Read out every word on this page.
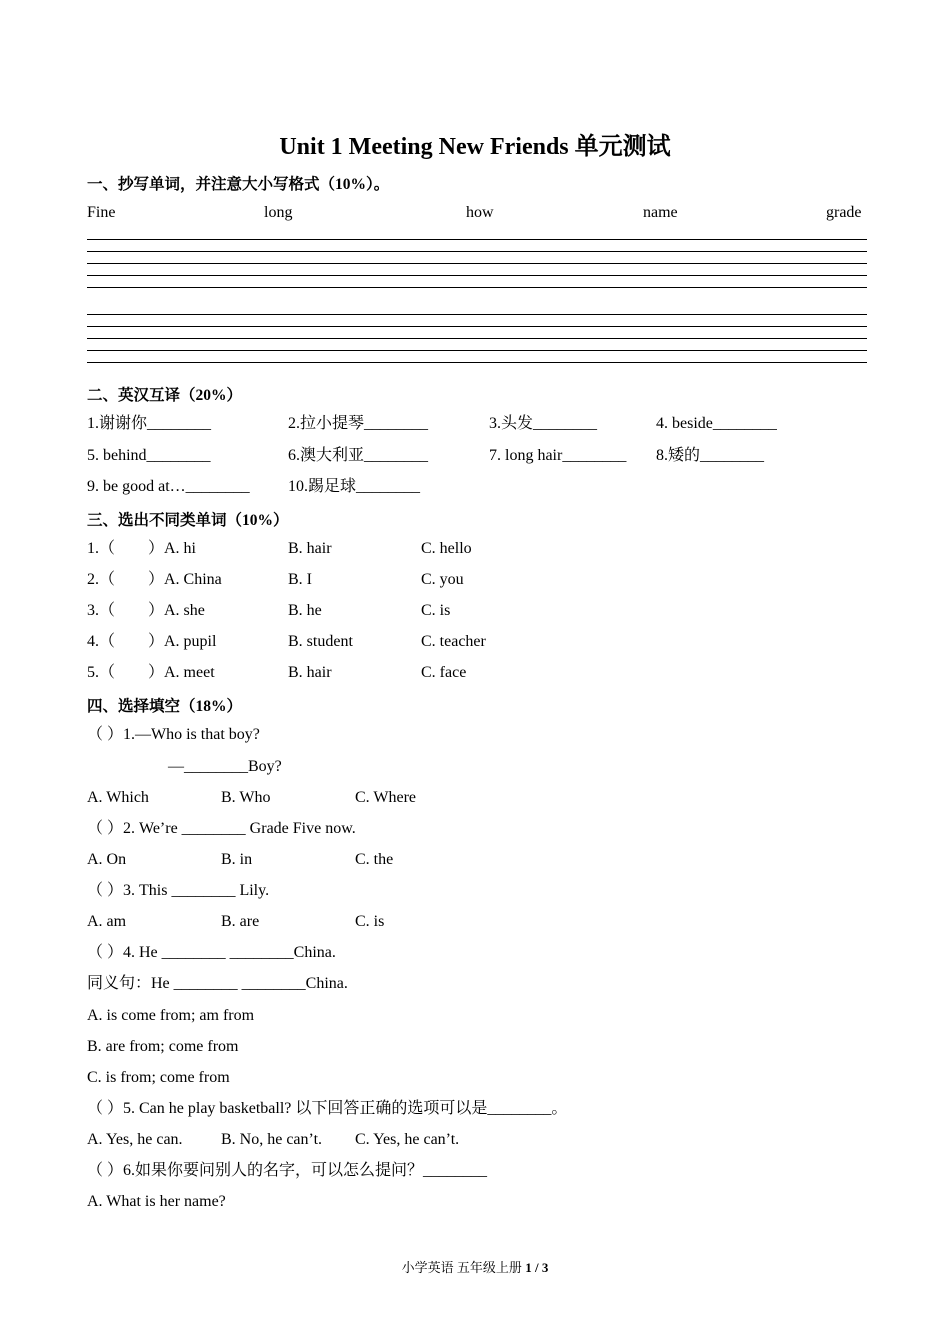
Unit 1 Meeting New Friends 单元测试
一、抄写单词，并注意大小写格式（10%）。
Fine	long	how	name	grade
二、英汉互译（20%）
1.谢谢你________	2.拉小提琴________	3.头发________	4. beside________
5. behind________	6.澳大利亚________	7. long hair________ 8.矮的________
9. be good at…________ 10.踢足球________
三、选出不同类单词（10%）
1.（ ）A. hi	B. hair	C. hello
2.（ ）A. China	B. I	C. you
3.（ ）A. she	B. he	C. is
4.（ ）A. pupil	B. student	C. teacher
5.（ ）A. meet	B. hair	C. face
四、选择填空（18%）
（ ）1.—Who is that boy?
—________Boy?
A. Which	B. Who	C. Where
（ ）2. We’re ________ Grade Five now.
A. On	B. in	C. the
（ ）3. This ________ Lily.
A. am	B. are	C. is
（ ）4. He ________ ________China.
同义句：He ________ ________China.
A. is come from; am from
B. are from; come from
C. is from; come from
（ ）5. Can he play basketball? 以下回答正确的选项可以是________。
A. Yes, he can. B. No, he can’t. C. Yes, he can’t.
（ ）6.如果你要问别人的名字，可以怎么提问？________
A. What is her name?
小学英语 五年级上册 1 / 3
